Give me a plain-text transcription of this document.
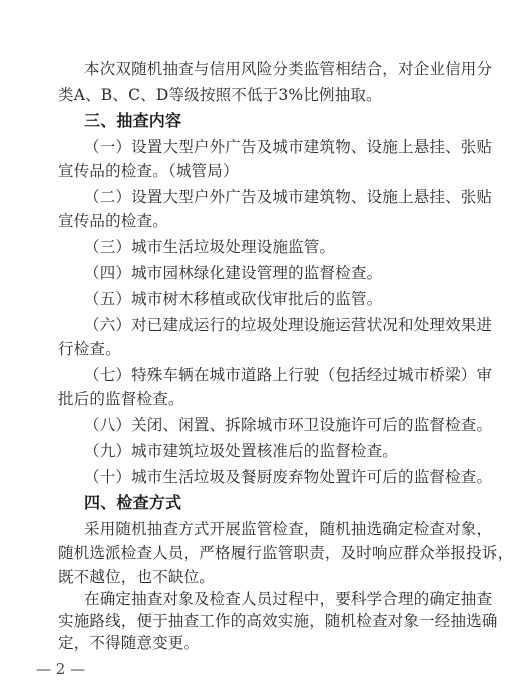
本次双随机抽查与信用风险分类监管相结合，对企业信用分
类A、B、C、D等级按照不低于3%比例抽取。
三、抽查内容
（一）设置大型户外广告及城市建筑物、设施上悬挂、张贴
宣传品的检查。（城管局）
（二）设置大型户外广告及城市建筑物、设施上悬挂、张贴
宣传品的检查。
（三）城市生活垃圾处理设施监管。
（四）城市园林绿化建设管理的监督检查。
（五）城市树木移植或砍伐审批后的监管。
（六）对已建成运行的垃圾处理设施运营状况和处理效果进
行检查。
（七）特殊车辆在城市道路上行驶（包括经过城市桥梁）审
批后的监督检查。
（八）关闭、闲置、拆除城市环卫设施许可后的监督检查。
（九）城市建筑垃圾处置核准后的监督检查。
（十）城市生活垃圾及餐厨废弃物处置许可后的监督检查。
四、检查方式
采用随机抽查方式开展监管检查，随机抽选确定检查对象，
随机选派检查人员，严格履行监管职责，及时响应群众举报投诉，
既不越位，也不缺位。
在确定抽查对象及检查人员过程中，要科学合理的确定抽查
实施路线，便于抽查工作的高效实施，随机检查对象一经抽选确
— 2 —
定，不得随意变更。
